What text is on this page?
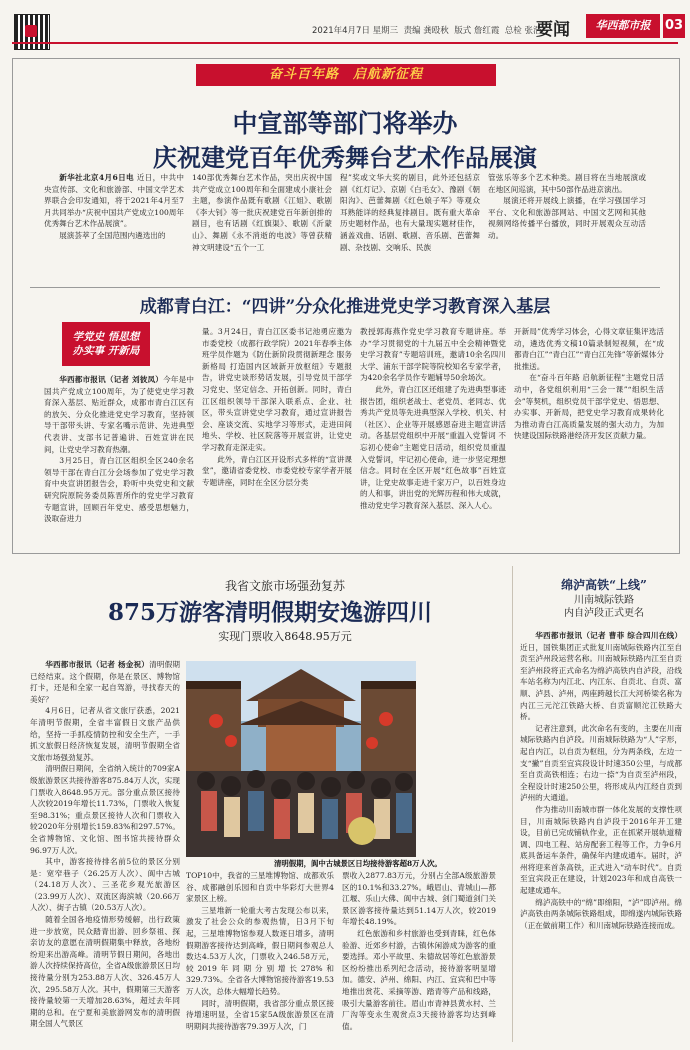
2021年4月7日 星期三 责编 龚殴秋 版式 詹红霞 总检 张浩
要闻	华西都市报	03
奋斗百年路　启航新征程
中宣部等部门将举办
庆祝建党百年优秀舞台艺术作品展演

新华社北京4月6日电 近日，中共中央宣传部、文化和旅游部、中国文学艺术界联合会印发通知，将于2021年4月至7月共同举办“庆祝中国共产党成立100周年优秀舞台艺术作品展演”。

展演荟萃了全国范围内遴选出的

140部优秀舞台艺术作品，突出庆祝中国共产党成立100周年和全面建成小康社会主题，参演作品既有歌剧《江姐》、歌剧《李大钊》等一批庆祝建党百年新创排的剧目，也有话剧《红旗渠》、歌剧《沂蒙山》、舞剧《永不消逝的电波》等曾获精神文明建设“五个一工

程”奖或文华大奖的剧目，此外还包括京剧《红灯记》、京剧《白毛女》、豫剧《朝阳沟》、芭蕾舞剧《红色娘子军》等观众耳熟能详的经典复排剧目。既有重大革命历史题材作品，也有大量现实题材佳作，涵盖戏曲、话剧、歌剧、音乐剧、芭蕾舞剧、杂技剧、交响乐、民族

管弦乐等多个艺术种类。剧目将在当地展演或在地区间巡演，其中50部作品进京演出。

展演还将开展线上演播，在学习强国学习平台、文化和旅游部网站、中国文艺网和其他视频网络传播平台播放，同时开展观众互动活动。

成都青白江：“四讲”分众化推进党史学习教育深入基层
学党史 悟思想
办实事 开新局

华西都市报讯（记者 刘彼凤）今年是中国共产党成立100周年，为了使党史学习教育深入基层、贴近群众，成都市青白江区有的放矢、分众化推进党史学习教育，坚持领导干部带头讲、专家名嘴示范讲、先进典型代表讲、支部书记普遍讲、百姓宣讲在民间，让党史学习教育热潮。

3月25日，青白江区组织全区240余名领导干部在青白江分会场参加了党史学习教育中央宣讲团报告会，聆听中央党史和文献研究院原院务委员陈晋所作的党史学习教育专题宣讲，回顾百年党史、感受思想魅力，汲取奋进力

量。3月24日，青白江区委书记池勇应邀为市委党校（成都行政学院）2021年春季主体班学员作题为《防仕新阶段贯彻新理念 服务新格局 打造国内区域新开放枢纽》专题报告，讲党史谈形势话发展，引导党员干部学习党史、坚定信念、开拓创新。同时，青白江区组织领导干部深入联系点、企业、社区，带头宣讲党史学习教育，通过宣讲报告会、座谈交流、实地学习等形式，走进田间地头、学校、社区院落等开展宣讲，让党史学习教育走深走实。

此外，青白江区开设形式多样的“宣讲课堂”，邀请省委党校、市委党校专家学者开展专题讲座，同时在全区分层分类

教授郭海燕作党史学习教育专题讲座。举办“学习贯彻党的十九届五中全会精神暨党史学习教育”专题培训班，邀请10余名四川大学、浦东干部学院等院校知名专家学者，为420余名学员作专题辅导50余场次。

此外，青白江区还组建了先进典型事迹报告团，组织老战士、老党员、老同志、优秀共产党员等先进典型深入学校、机关、村（社区）、企业等开展感恩奋进主题宣讲活动。各基层党组织中开展“重温入党誓词 不忘初心使命”主题党日活动，组织党员重温入党誓词，牢记初心使命，进一步坚定理想信念。同时在全区开展“红色故事”百姓宣讲，让党史故事走进千家万户，以百姓身边的人和事，讲出党的光辉历程和伟大成就，推动党史学习教育深入基层、深入人心。

开新局”优秀学习体会，心得文章征集评选活动，遴选优秀文稿10篇录制短视频，在“成都青白江”“青白江”“青白江先锋”等新媒体分批推送。

在“奋斗百年路 启航新征程”主题党日活动中，各党组织利用“三会一课”“组织生活会”等契机，组织党员干部学党史、悟思想、办实事、开新局，把党史学习教育成果转化为推动青白江高质量发展的强大动力，为加快建设国际铁路港经济开发区贡献力量。

我省文旅市场强劲复苏
875万游客清明假期安逸游四川
实现门票收入8648.95万元

华西都市报讯（记者 杨金祝）清明假期已经结束。这个假期，你是在景区、博物馆打卡，还是和全家一起自驾游，寻找春天的美好？

4月6日，记者从省文旅厅获悉，2021年清明节假期，全省丰富假日文旅产品供给，坚持一手抓疫情防控和安全生产，一手抓文旅假日经济恢复发展，清明节假期全省文旅市场强劲复苏。

清明假日期间，全省纳入统计的709家A级旅游景区共接待游客875.84万人次，实现门票收入8648.95万元。部分重点景区接待人次较2019年增长11.73%，门票收入恢复至98.31%；重点景区接待人次和门票收入较2020年分别增长159.83%和297.57%。全省博物馆、文化馆、图书馆共接待群众96.97万人次。

其中，游客接待排名前5位的景区分别是：宽窄巷子（26.25万人次）、阆中古城（24.18万人次）、三圣花乡观光旅游区（23.99万人次）、双流区海滨城（20.66万人次）、街子古镇（20.53万人次）。

随着全国各地疫情形势缓解，出行政策进一步放宽，民众踏青出游、回乡祭祖、探亲访友的意愿在清明假期集中释放，各地纷纷迎来出游高峰。清明节假日期间，各地出游人次持续保持高位，全省A级旅游景区日均接待量分别为253.88万人次、326.45万人次、295.58万人次。其中，假期第三天游客接待量较第一天增加28.63%，超过去年同期的总和。在宁夏和美旅游网发布的清明假期全国人气景区

清明假期，阆中古城景区日均接待游客超8万人次。

TOP10中，我省的三星堆博物馆、成都欢乐谷、成都融创乐园和自贡中华彩灯大世界4家景区上榜。

三星堆新一轮重大考古发现公布以来，激发了社会公众的参观热情，日3月下旬起，三星堆博物馆参观人数逐日增多，清明假期游客接待达到高峰，假日期间参观总人数达4.53万人次，门票收入246.58万元，较2019年同期分别增长278%和329.73%。全省各大博物馆接待游客19.53万人次，总体大幅增长趋势。

同时，清明假期，我省部分重点景区接待增速明显，全省15家5A级旅游景区在清明期间共接待游客79.39万人次，门

票收入2877.83万元，分别占全部A级旅游景区的10.1%和33.27%。峨眉山、青城山—都江堰、乐山大佛、阆中古城、剑门蜀道剑门关景区游客接待量达到51.14万人次，较2019年增长48.19%。

红色旅游和乡村旅游也受到青睐，红色体验游、近郊乡村游，古镇休闲游成为游客的重要选择。邓小平故里、朱德故居等红色旅游景区纷纷推出系列纪念活动，接待游客明显增加。德安、泸州、绵阳、内江、宜宾和巴中等地推出赏花、采摘等游、踏青等产品和线路，吸引大量游客前往。眉山市青神县黄水村、兰厂沟等变永生观赏点3天接待游客均达到峰值。

绵泸高铁“上线”
川南城际铁路
内自泸段正式更名

华西都市报讯（记者 曹菲 综合四川在线）近日，国铁集团正式批复川南城际铁路内江至自贡至泸州段运营名称。川南城际铁路内江至自贡至泸州段将正式命名为绵泸高铁内自泸段，沿线车站名称为内江北、内江东、自贡北、自贡、富顺、泸县、泸州，两座跨越长江大河桥梁名称为内江三元沱江铁路大桥、自贡富顺沱江铁路大桥。

记者注意到，此次命名有变的，主要在川南城际铁路内自泸段。川南城际铁路为“人”字形，起自内江，以自贡为枢纽，分为两条线，左边一支“撇”自贡至宜宾段设计时速350公里，与成都至自贡高铁相连；右边一捺“为自贡至泸州段，全程设计时速250公里，将形成从内江经自贡到泸州的大通道。

作为推动川南城市群一体化发展的支撑性项目，川南城际铁路内自泸段于2016年开工建设，目前已完成铺轨作业，正在抓紧开展轨道精调、四电工程、站房配套工程等工作，力争6月底具备运车条件，确保年内建成通车。届时，泸州将迎来首条高铁，正式进入“动车时代”。自贡至宜宾段正在建设，计划2023年和成自高铁一起建成通车。

绵泸高铁中的“绵”即绵阳，“泸”即泸州。绵泸高铁由两条城际铁路组成，即绵遂内城际铁路（正在做前期工作）和川南城际铁路连接而成。
